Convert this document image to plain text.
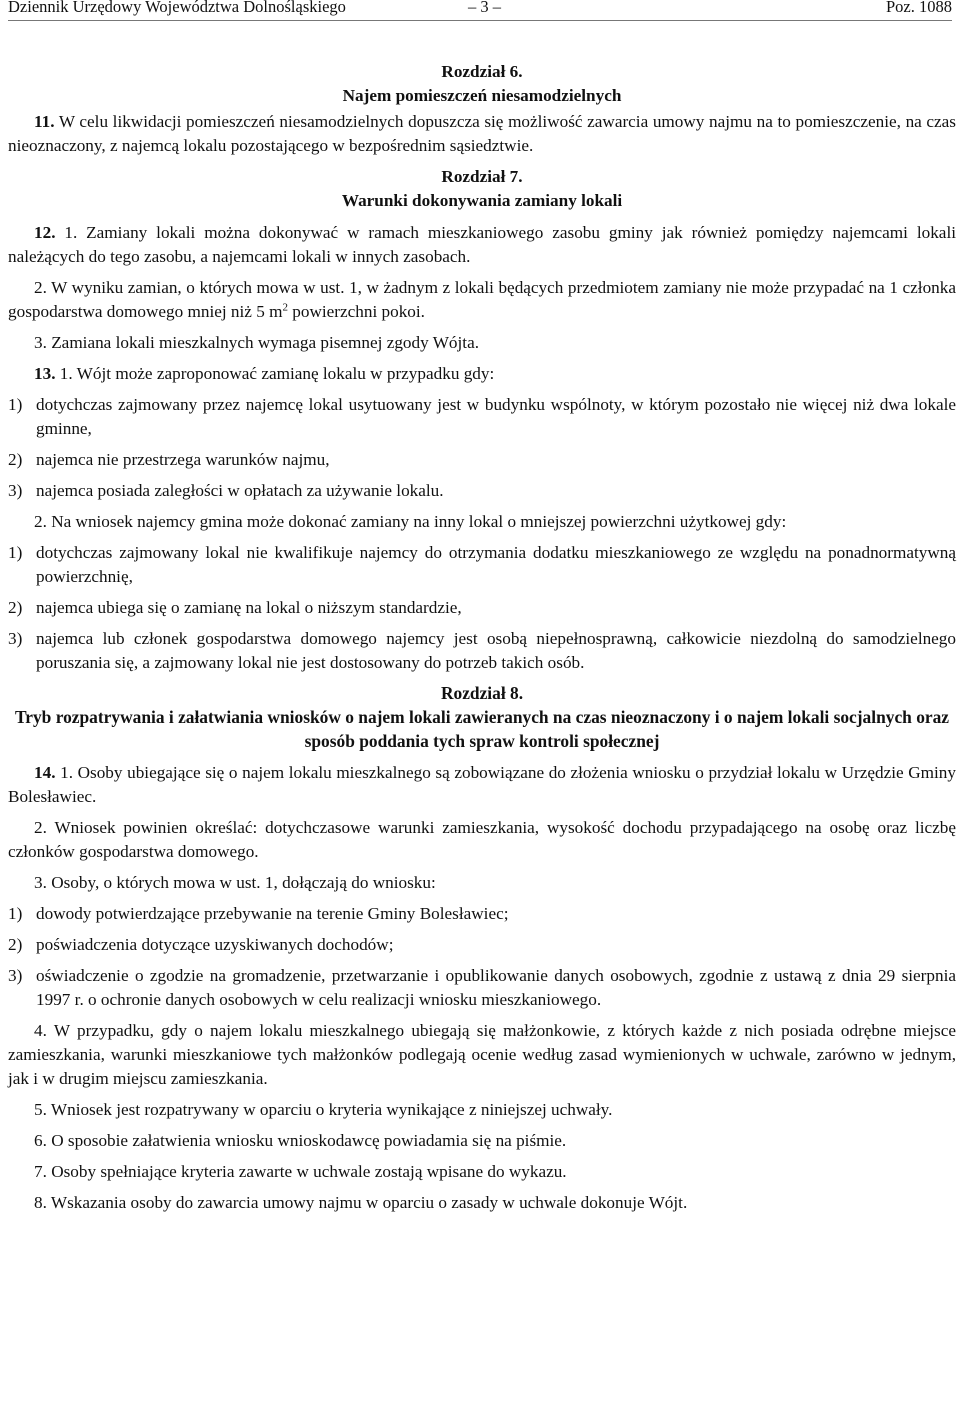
Dziennik Urzędowy Województwa Dolnośląskiego	– 3 –	Poz. 1088
Rozdział 6.
Najem pomieszczeń niesamodzielnych

11. W celu likwidacji pomieszczeń niesamodzielnych dopuszcza się możliwość zawarcia umowy najmu na to pomieszczenie, na czas nieoznaczony, z najemcą lokalu pozostającego w bezpośrednim sąsiedztwie.

Rozdział 7.
Warunki dokonywania zamiany lokali

12. 1. Zamiany lokali można dokonywać w ramach mieszkaniowego zasobu gminy jak również pomiędzy najemcami lokali należących do tego zasobu, a najemcami lokali w innych zasobach.

2. W wyniku zamian, o których mowa w ust. 1, w żadnym z lokali będących przedmiotem zamiany nie może przypadać na 1 członka gospodarstwa domowego mniej niż 5 $m^2$ powierzchni pokoi.

3. Zamiana lokali mieszkalnych wymaga pisemnej zgody Wójta.

13. 1. Wójt może zaproponować zamianę lokalu w przypadku gdy:

1) dotychczas zajmowany przez najemcę lokal usytuowany jest w budynku wspólnoty, w którym pozostało nie więcej niż dwa lokale gminne,
2) najemca nie przestrzega warunków najmu,
3) najemca posiada zaległości w opłatach za używanie lokalu.

2. Na wniosek najemcy gmina może dokonać zamiany na inny lokal o mniejszej powierzchni użytkowej gdy:

1) dotychczas zajmowany lokal nie kwalifikuje najemcy do otrzymania dodatku mieszkaniowego ze względu na ponadnormatywną powierzchnię,
2) najemca ubiega się o zamianę na lokal o niższym standardzie,
3) najemca lub członek gospodarstwa domowego najemcy jest osobą niepełnosprawną, całkowicie niezdolną do samodzielnego poruszania się, a zajmowany lokal nie jest dostosowany do potrzeb takich osób.
Rozdział 8.
Tryb rozpatrywania i załatwiania wniosków o najem lokali zawieranych na czas nieoznaczony i o najem lokali socjalnych oraz sposób poddania tych spraw kontroli społecznej

14. 1. Osoby ubiegające się o najem lokalu mieszkalnego są zobowiązane do złożenia wniosku o przydział lokalu w Urzędzie Gminy Bolesławiec.

2. Wniosek powinien określać: dotychczasowe warunki zamieszkania, wysokość dochodu przypadającego na osobę oraz liczbę członków gospodarstwa domowego.

3. Osoby, o których mowa w ust. 1, dołączają do wniosku:

1) dowody potwierdzające przebywanie na terenie Gminy Bolesławiec;
2) poświadczenia dotyczące uzyskiwanych dochodów;
3) oświadczenie o zgodzie na gromadzenie, przetwarzanie i opublikowanie danych osobowych, zgodnie z ustawą z dnia 29 sierpnia 1997 r. o ochronie danych osobowych w celu realizacji wniosku mieszkaniowego.

4. W przypadku, gdy o najem lokalu mieszkalnego ubiegają się małżonkowie, z których każde z nich posiada odrębne miejsce zamieszkania, warunki mieszkaniowe tych małżonków podlegają ocenie według zasad wymienionych w uchwale, zarówno w jednym, jak i w drugim miejscu zamieszkania.

5. Wniosek jest rozpatrywany w oparciu o kryteria wynikające z niniejszej uchwały.

6. O sposobie załatwienia wniosku wnioskodawcę powiadamia się na piśmie.

7. Osoby spełniające kryteria zawarte w uchwale zostają wpisane do wykazu.

8. Wskazania osoby do zawarcia umowy najmu w oparciu o zasady w uchwale dokonuje Wójt.
